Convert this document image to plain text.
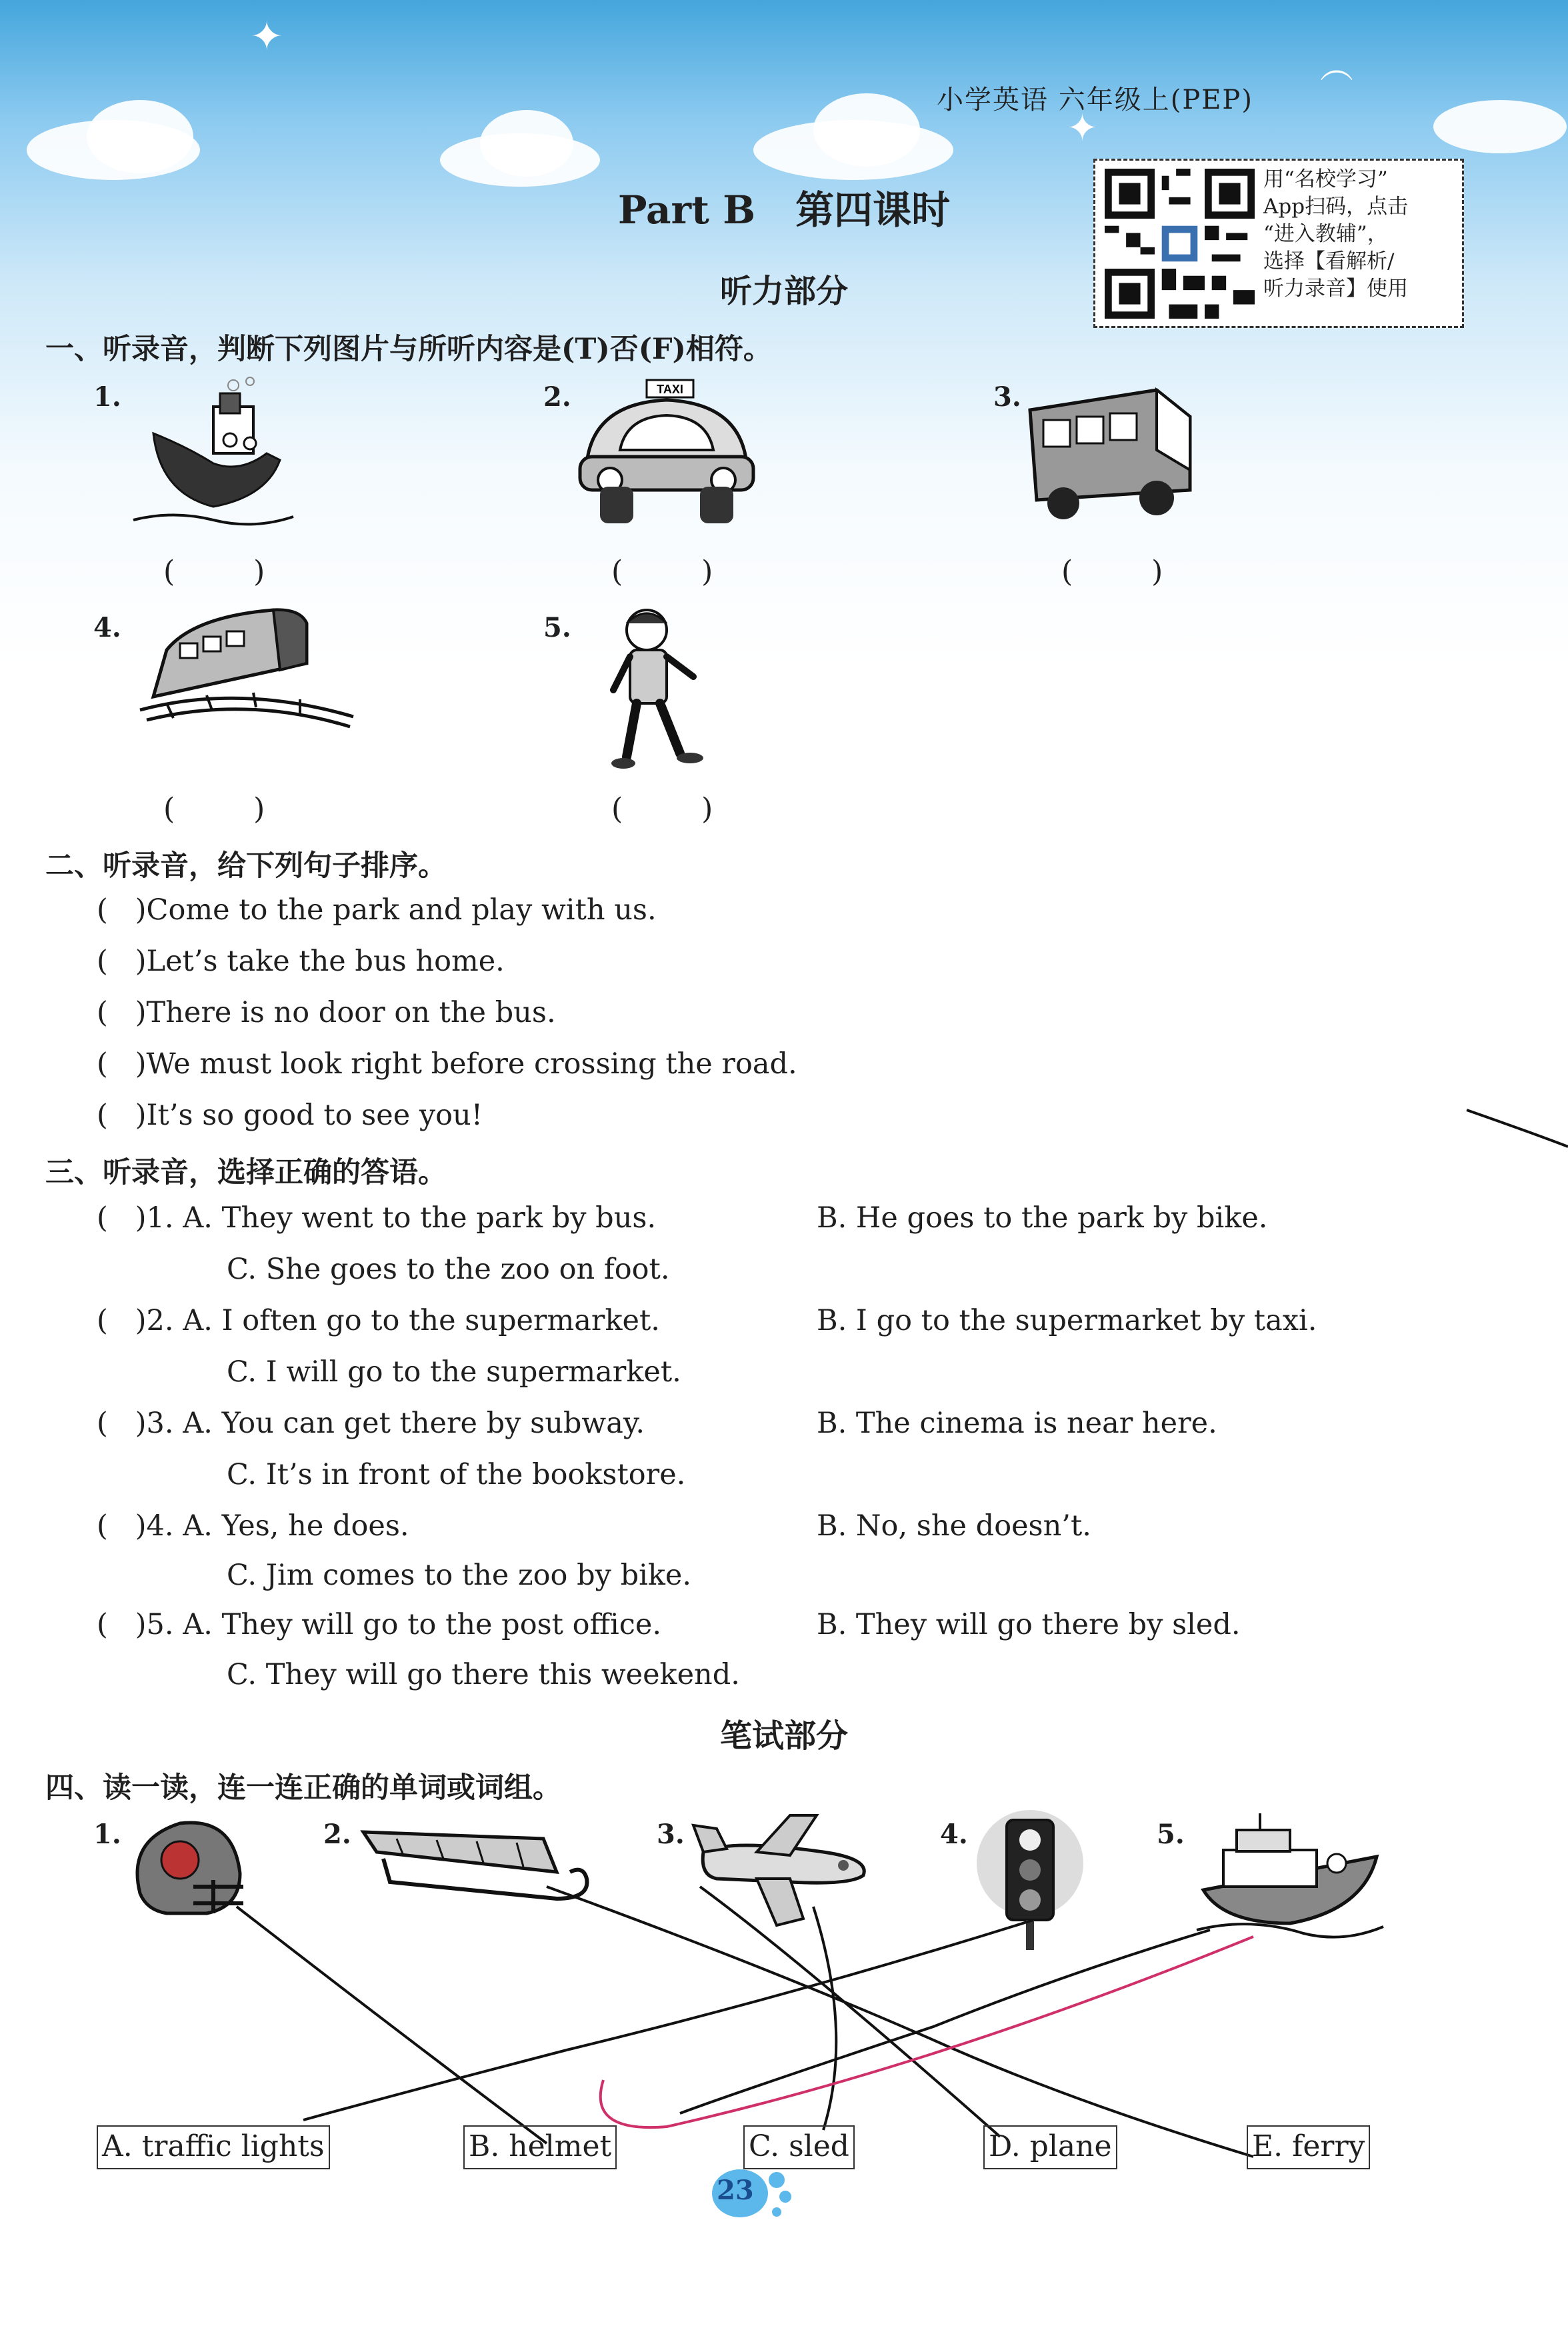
✦
✦
︵
小学英语 六年级上(PEP)
Part B 第四课时
用“名校学习”
App扫码，点击
“进入教辅”，
选择【看解析/
听力录音】使用
听力部分
一、听录音，判断下列图片与所听内容是(T)否(F)相符。
1.
( )
2.	TAXI
( )
3.
( )
4.
( )
5.
( )
二、听录音，给下列句子排序。
(   )Come to the park and play with us.
(   )Let’s take the bus home.
(   )There is no door on the bus.
(   )We must look right before crossing the road.
(   )It’s so good to see you!
三、听录音，选择正确的答语。
(   )1. A. They went to the park by bus.	B. He goes to the park by bike.
C. She goes to the zoo on foot.
(   )2. A. I often go to the supermarket.	B. I go to the supermarket by taxi.
C. I will go to the supermarket.
(   )3. A. You can get there by subway.	B. The cinema is near here.
C. It’s in front of the bookstore.
(   )4. A. Yes, he does.	B. No, she doesn’t.
C. Jim comes to the zoo by bike.
(   )5. A. They will go to the post office.	B. They will go there by sled.
C. They will go there this weekend.
笔试部分
四、读一读，连一连正确的单词或词组。
1.	2.	3.	4.	5.
A. traffic lights	B. helmet	C. sled	D. plane	E. ferry
23
